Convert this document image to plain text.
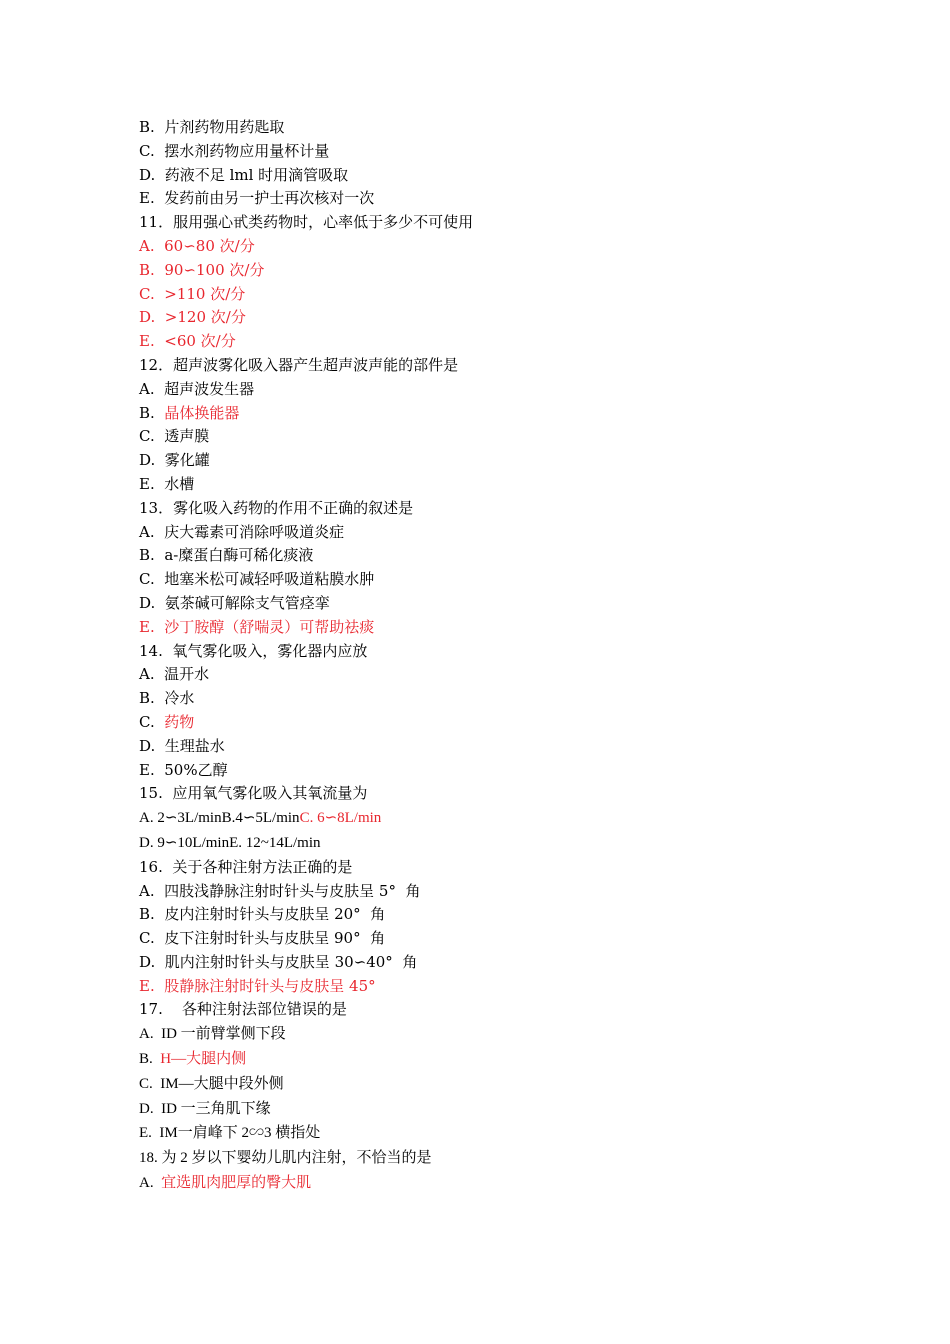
B.  片剂药物用药匙取
C.  摆水剂药物应用量杯计量
D.  药液不足 lml 时用滴管吸取
E.  发药前由另一护士再次核对一次
11．服用强心甙类药物时，心率低于多少不可使用
A.  60∽80 次/分
B.  90∽100 次/分
C.  >110 次/分
D.  >120 次/分
E.  <60 次/分
12．超声波雾化吸入器产生超声波声能的部件是
A.  超声波发生器
B.  晶体换能器
C.  透声膜
D.  雾化罐
E.  水槽
13．雾化吸入药物的作用不正确的叙述是
A.  庆大霉素可消除呼吸道炎症
B.  a-糜蛋白酶可稀化痰液
C.  地塞米松可减轻呼吸道粘膜水肿
D.  氨茶碱可解除支气管痉挛
E.  沙丁胺醇（舒喘灵）可帮助祛痰
14.  氧气雾化吸入，雾化器内应放
A.  温开水
B.  冷水
C.  药物
D.  生理盐水
E.  50%乙醇
15.  应用氧气雾化吸入其氧流量为
A. 2∽3L/minB.4∽5L/minC. 6∽8L/min
D. 9∽10L/minE. 12~14L/min
16.  关于各种注射方法正确的是
A.  四肢浅静脉注射时针头与皮肤呈 5°  角
B.  皮内注射时针头与皮肤呈 20°  角
C.  皮下注射时针头与皮肤呈 90°  角
D.  肌内注射时针头与皮肤呈 30∽40°  角
E.  股静脉注射时针头与皮肤呈 45°
17.    各种注射法部位错误的是
A.  ID 一前臂掌侧下段
B.  H—大腿内侧
C.  IM—大腿中段外侧
D.  ID 一三角肌下缘
E.  IM一肩峰下 2∽3 横指处
18. 为 2 岁以下婴幼儿肌内注射，不恰当的是
A.  宜选肌肉肥厚的臀大肌
